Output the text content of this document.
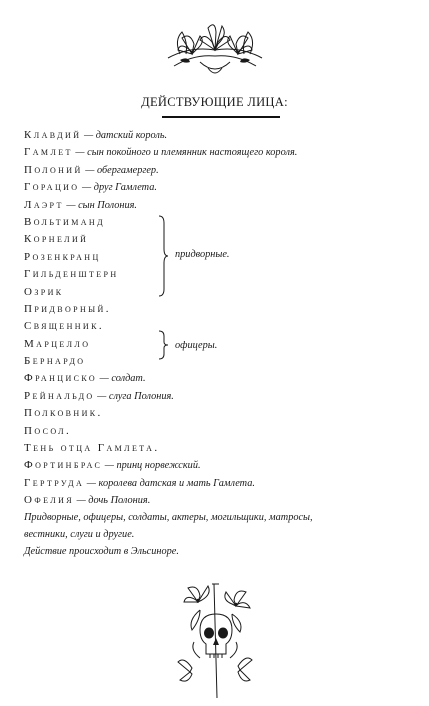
ДЕЙСТВУЮЩИЕ ЛИЦА:
Клавдий — датский король.
Гамлет — сын покойного и племянник настоящего короля.
Полоний — обергамергер.
Горацио — друг Гамлета.
Лаэрт — сын Полония.
Вольтиманд
Корнелий
Розенкранц
Гильденштерн
Озрик
Придворный.
Священник.
Марцелло
Бернардо
Франциско — солдат.
Рейнальдо — слуга Полония.
Полковник.
Посол.
Тень отца Гамлета.
Фортинбрас — принц норвежский.
Гертруда — королева датская и мать Гамлета.
Офелия — дочь Полония.
Придворные, офицеры, солдаты, актеры, могильщики, матросы,
вестники, слуги и другие.
Действие происходит в Эльсиноре.
придворные.
офицеры.
